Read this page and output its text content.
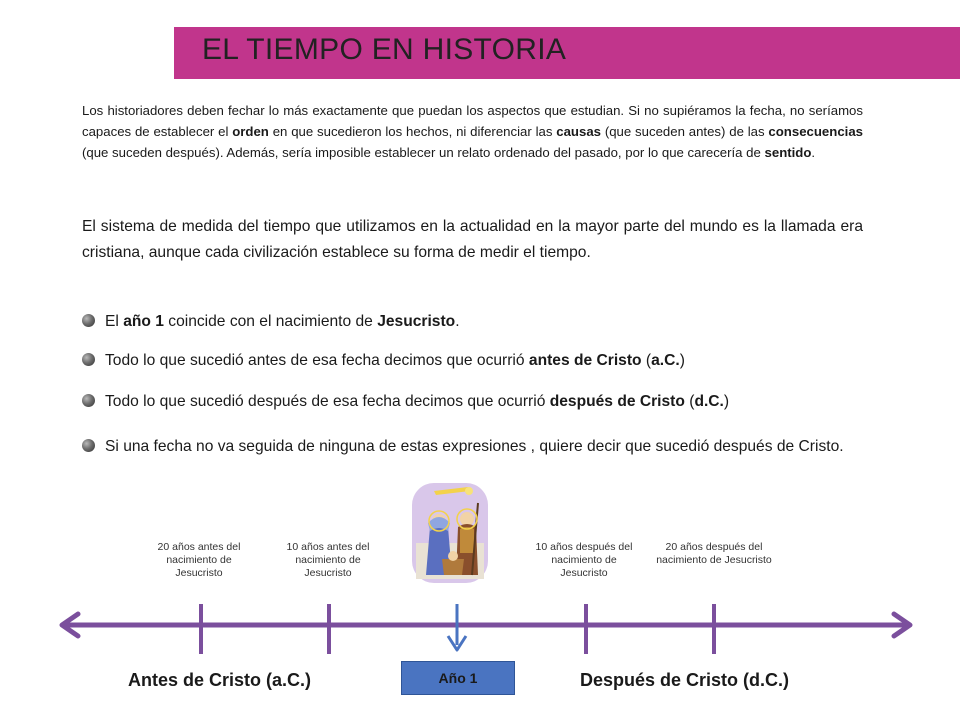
EL TIEMPO EN HISTORIA
Los historiadores deben fechar lo más exactamente que puedan los aspectos que estudian. Si no supiéramos la fecha, no seríamos capaces de establecer el orden en que sucedieron los hechos, ni diferenciar las causas (que suceden antes) de las consecuencias (que suceden después). Además, sería imposible establecer un relato ordenado del pasado, por lo que carecería de sentido.
El sistema de medida del tiempo que utilizamos en la actualidad en la mayor parte del mundo es la llamada era cristiana, aunque cada civilización establece su forma de medir el tiempo.
El año 1 coincide con el nacimiento de Jesucristo.
Todo lo que sucedió antes de esa fecha decimos que ocurrió antes de Cristo (a.C.)
Todo lo que sucedió después de esa fecha decimos que ocurrió después de Cristo (d.C.)
Si una fecha no va seguida de ninguna de estas expresiones , quiere decir que sucedió después de Cristo.
20 años antes del nacimiento de Jesucristo
10 años antes del nacimiento de Jesucristo
10 años después del nacimiento de Jesucristo
20 años después del nacimiento de Jesucristo
Antes de Cristo (a.C.)	Después de Cristo (d.C.)
Año 1
